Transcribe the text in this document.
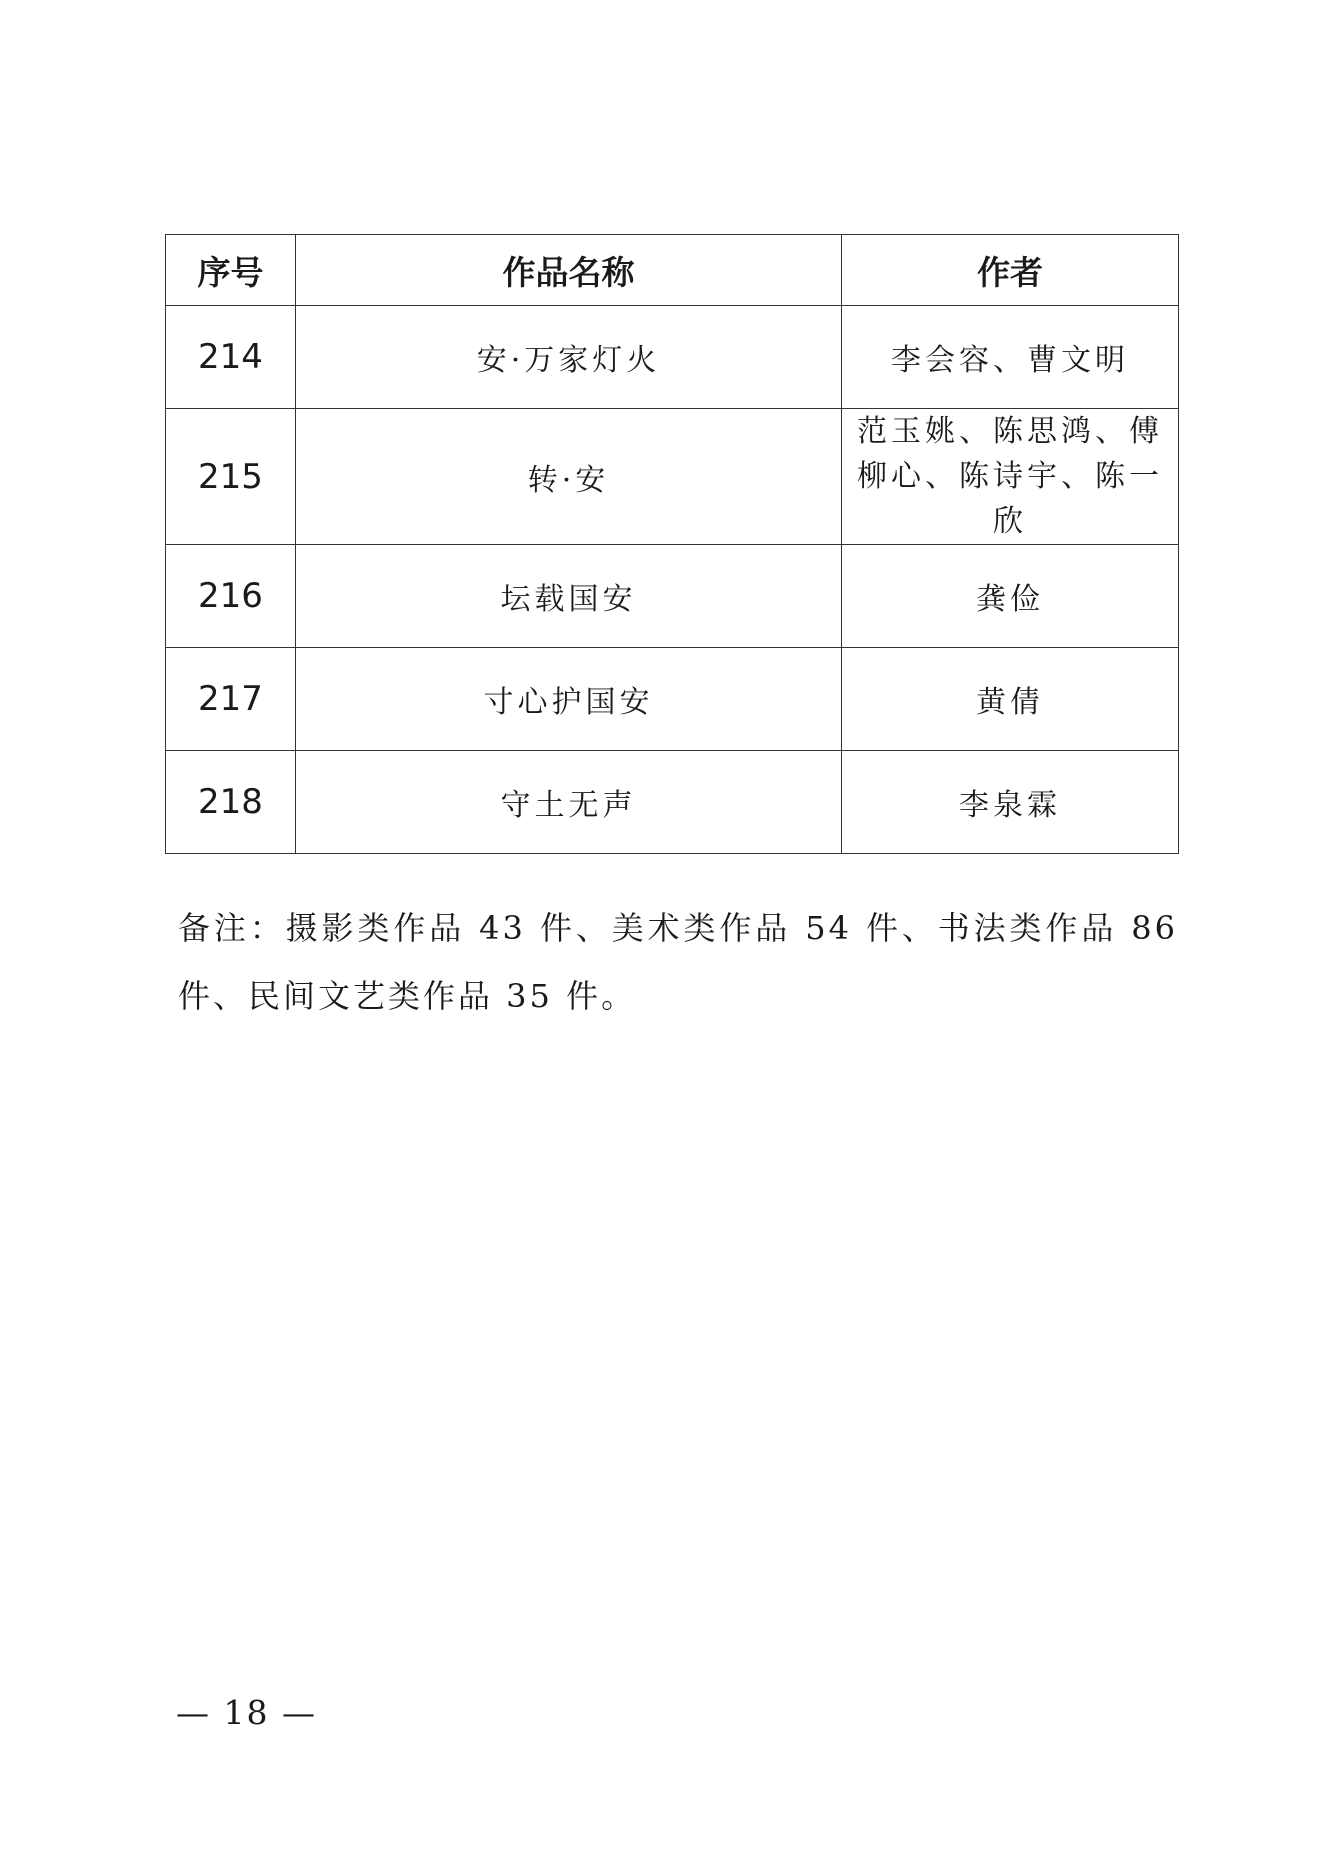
序号	作品名称	作者
214	安·万家灯火	李会容、曹文明
215	转·安	范玉姚、陈思鸿、傅柳心、陈诗宇、陈一欣
216	坛载国安	龚俭
217	寸心护国安	黄倩
218	守土无声	李泉霖

备注：摄影类作品 43 件、美术类作品 54 件、书法类作品 86 件、民间文艺类作品 35 件。

— 18 —
